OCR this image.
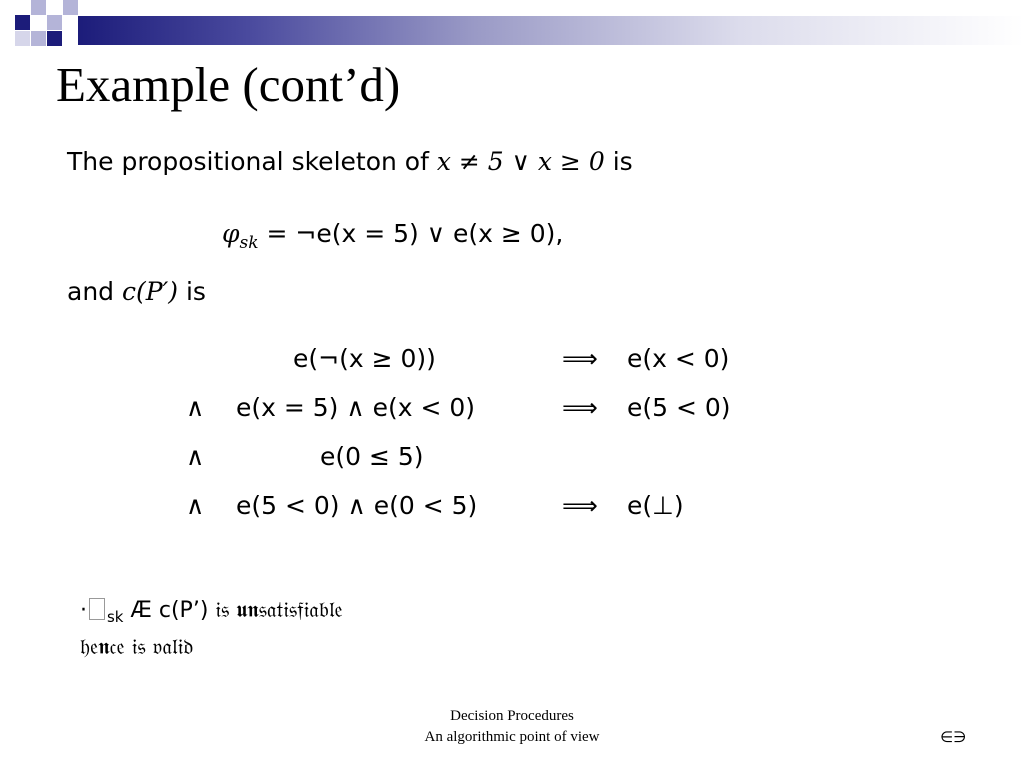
Example (cont’d)
The propositional skeleton of x ≠ 5 ∨ x ≥ 0 is
$\varphi_{sk}$ = ¬e(x = 5) ∨ e(x ≥ 0),
and c(P′) is
e(¬(x ≥ 0))	⟹ e(x < 0)
∧ e(x = 5) ∧ e(x < 0)	⟹ e(5 < 0)
∧	e(0 ≤ 5)
∧ e(5 < 0) ∧ e(0 < 5)	⟹ e(⊥)
· $_{sk}$ Æ c(P’) 𝔦𝔰 𝖚𝖓𝔰𝔞𝔱𝔦𝔰𝔣𝔦𝔞𝔟𝔩𝔢
𝔥𝔢𝖓𝔠𝔢 𝔦𝔰 𝔳𝔞𝔩𝔦𝔡
Decision Procedures
An algorithmic point of view	∈∋
